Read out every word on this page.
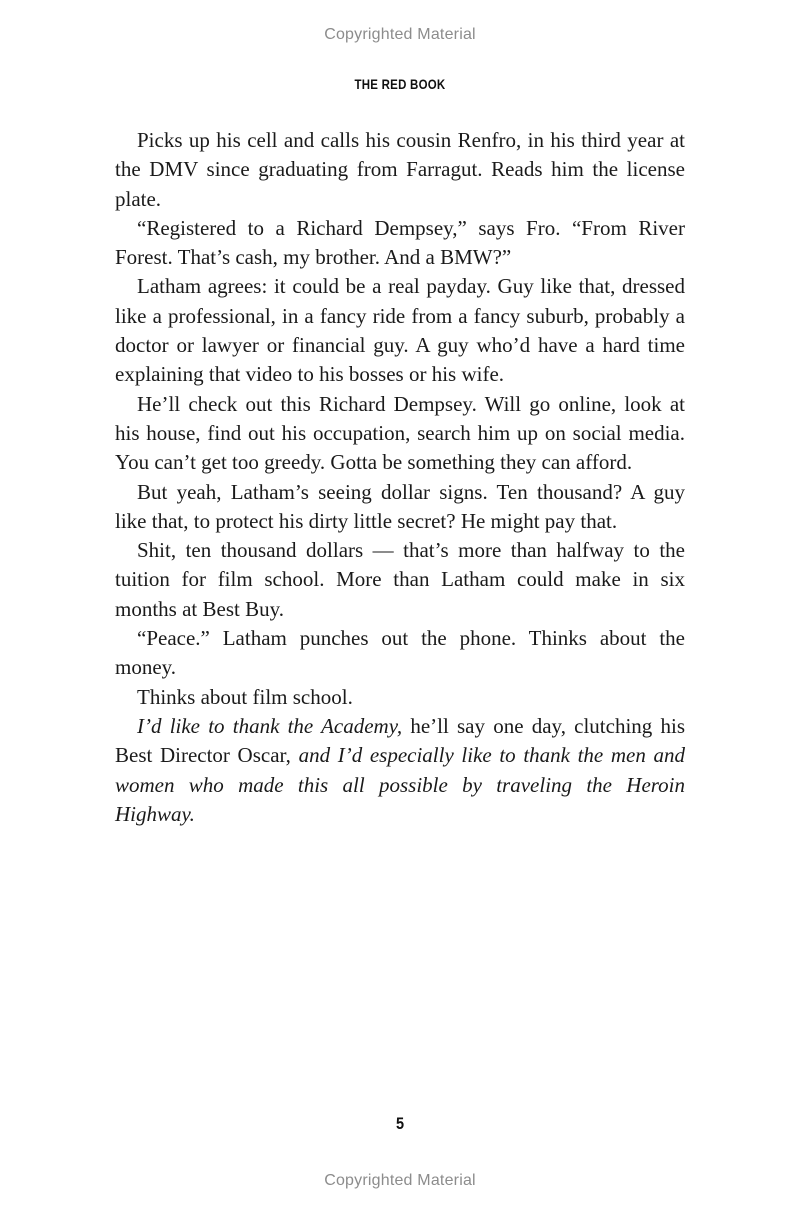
Copyrighted Material
THE RED BOOK

Picks up his cell and calls his cousin Renfro, in his third year at the DMV since graduating from Farragut. Reads him the license plate.

“Registered to a Richard Dempsey,” says Fro. “From River Forest. That’s cash, my brother. And a BMW?”

Latham agrees: it could be a real payday. Guy like that, dressed like a professional, in a fancy ride from a fancy suburb, probably a doctor or lawyer or financial guy. A guy who’d have a hard time explaining that video to his bosses or his wife.

He’ll check out this Richard Dempsey. Will go online, look at his house, find out his occupation, search him up on social media. You can’t get too greedy. Gotta be something they can afford.

But yeah, Latham’s seeing dollar signs. Ten thousand? A guy like that, to protect his dirty little secret? He might pay that.

Shit, ten thousand dollars — that’s more than halfway to the tuition for film school. More than Latham could make in six months at Best Buy.

“Peace.” Latham punches out the phone. Thinks about the money.

Thinks about film school.

I’d like to thank the Academy, he’ll say one day, clutching his Best Director Oscar, and I’d especially like to thank the men and women who made this all possible by traveling the Heroin Highway.

5
Copyrighted Material
